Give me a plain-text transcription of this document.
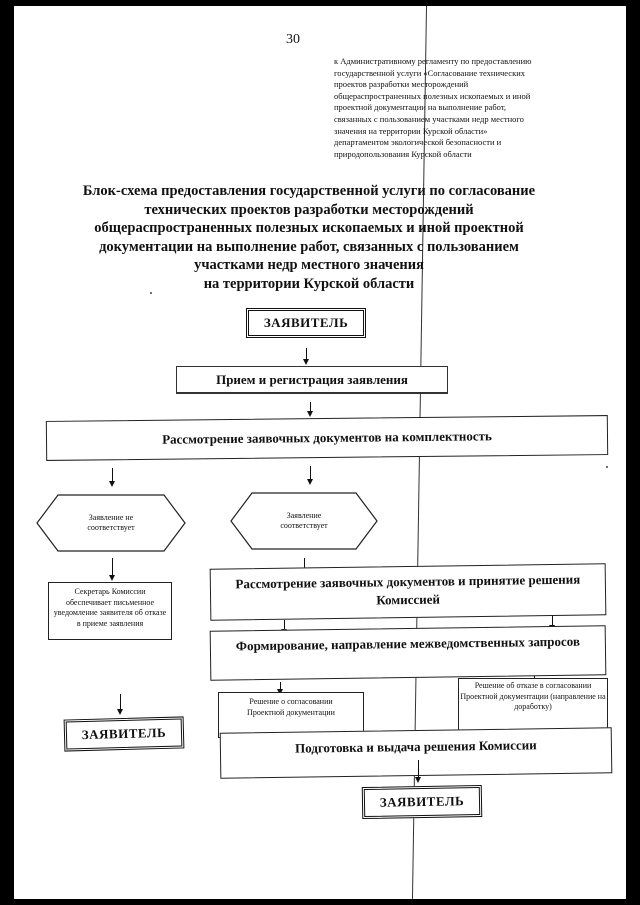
30
к Административному регламенту по предоставлению
государственной услуги «Согласование технических
проектов разработки месторождений
общераспространенных полезных ископаемых и иной
проектной документации на выполнение работ,
связанных с пользованием участками недр местного
значения на территории Курской области»
департаментом экологической безопасности и
природопользования Курской области
Блок-схема предоставления государственной услуги по согласование
технических проектов разработки месторождений
общераспространенных полезных ископаемых и иной проектной
документации на выполнение работ, связанных с пользованием
участками недр местного значения
на территории Курской области
ЗАЯВИТЕЛЬ
Прием и регистрация заявления
Рассмотрение заявочных документов на комплектность
Заявление не соответствует
Заявление соответствует
Секретарь Комиссии обеспечивает письменное уведомление заявителя об отказе в приеме заявления
Рассмотрение заявочных документов и принятие решения Комиссией
Формирование, направление межведомственных запросов
Решение о согласовании Проектной документации
Решение об отказе в согласовании Проектной документации (направление на доработку)
Подготовка и выдача решения Комиссии
ЗАЯВИТЕЛЬ
ЗАЯВИТЕЛЬ
